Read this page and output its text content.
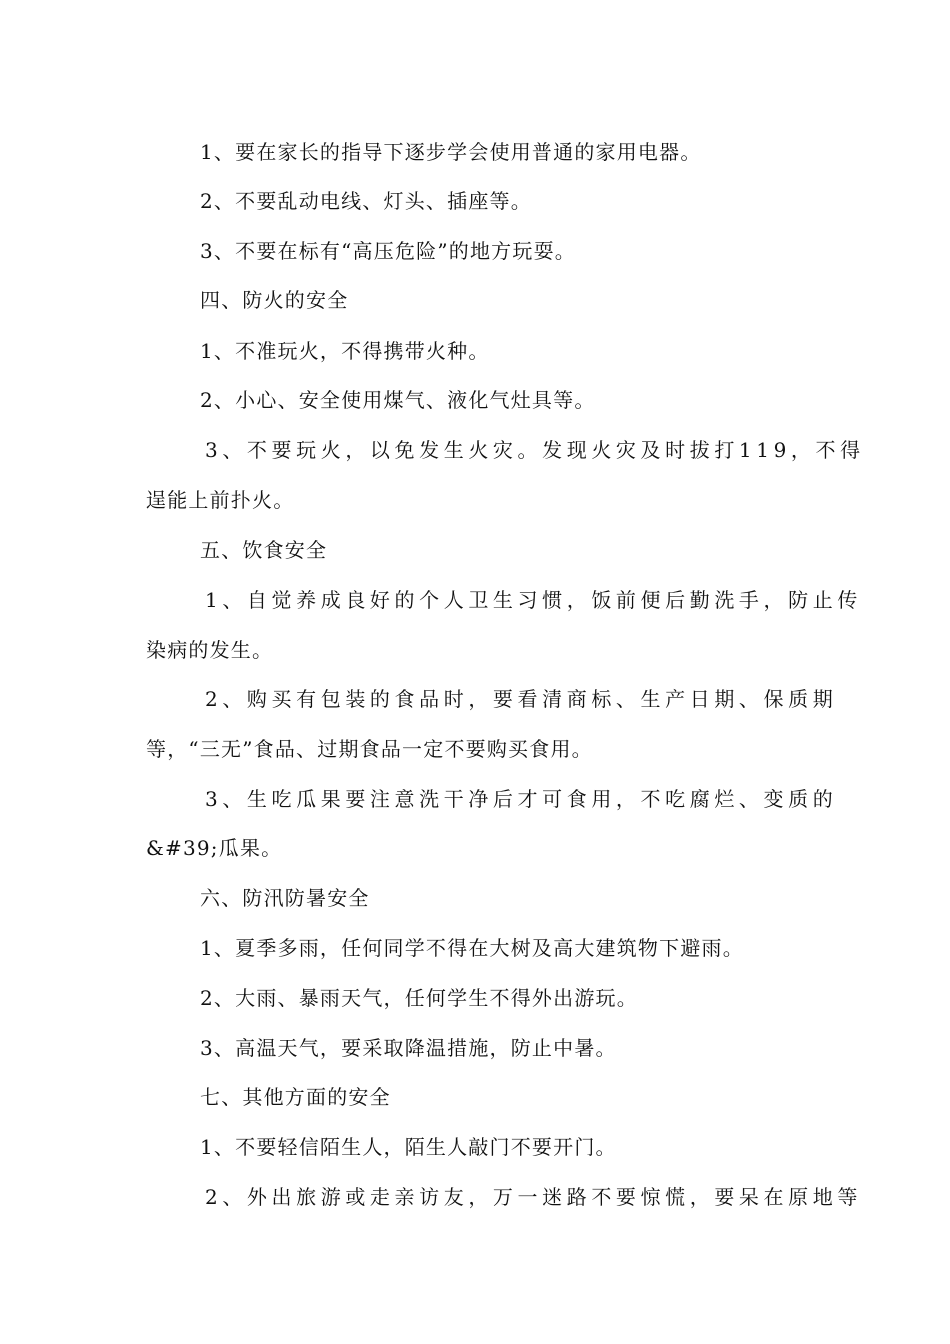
1、要在家长的指导下逐步学会使用普通的家用电器。
2、不要乱动电线、灯头、插座等。
3、不要在标有“高压危险”的地方玩耍。
四、防火的安全
1、不准玩火，不得携带火种。
2、小心、安全使用煤气、液化气灶具等。
3、不要玩火，以免发生火灾。发现火灾及时拔打119，不得
逞能上前扑火。
五、饮食安全
1、自觉养成良好的个人卫生习惯，饭前便后勤洗手，防止传
染病的发生。
2、购买有包装的食品时，要看清商标、生产日期、保质期
等，“三无”食品、过期食品一定不要购买食用。
3、生吃瓜果要注意洗干净后才可食用，不吃腐烂、变质的
&#39;瓜果。
六、防汛防暑安全
1、夏季多雨，任何同学不得在大树及高大建筑物下避雨。
2、大雨、暴雨天气，任何学生不得外出游玩。
3、高温天气，要采取降温措施，防止中暑。
七、其他方面的安全
1、不要轻信陌生人，陌生人敲门不要开门。
2、外出旅游或走亲访友，万一迷路不要惊慌，要呆在原地等
